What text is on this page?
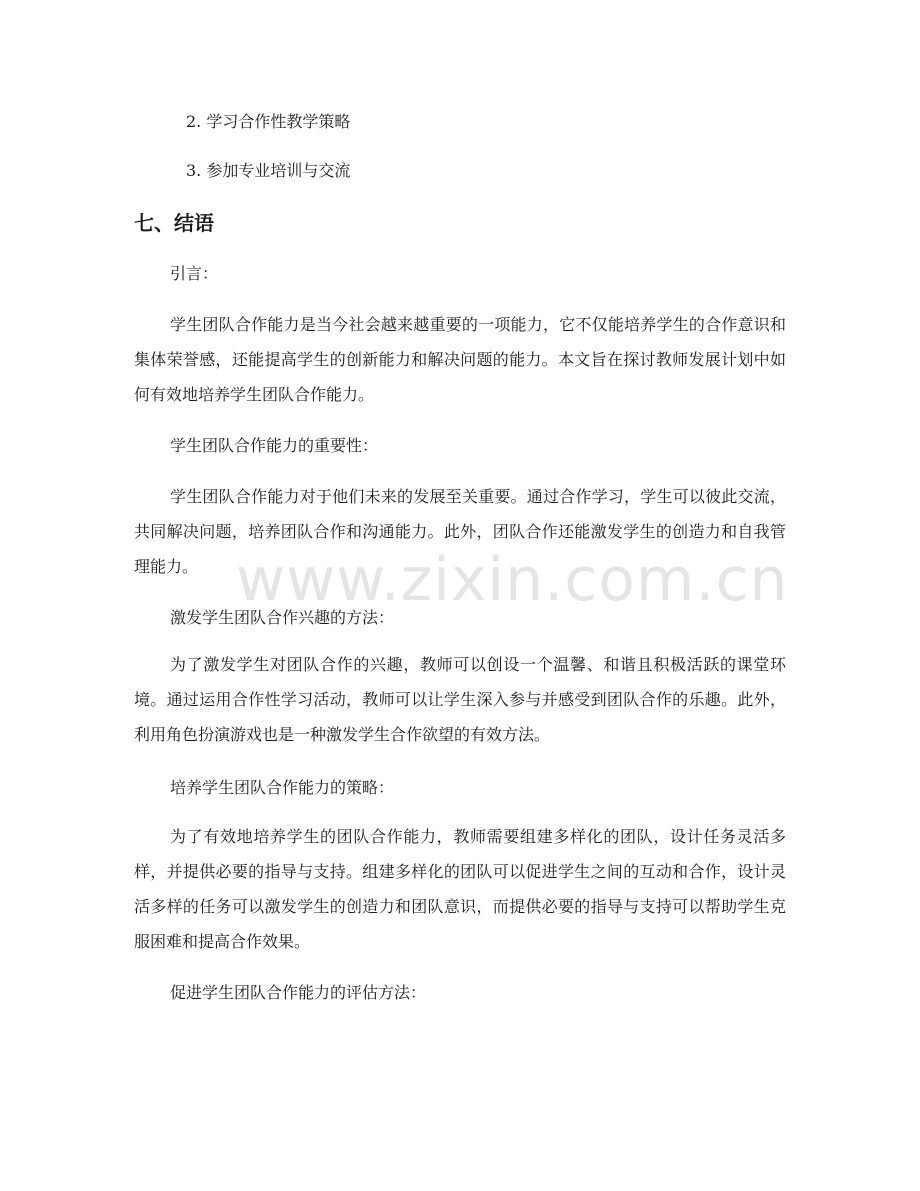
2. 学习合作性教学策略
3. 参加专业培训与交流
七、结语

引言：

学生团队合作能力是当今社会越来越重要的一项能力，它不仅能培养学生的合作意识和集体荣誉感，还能提高学生的创新能力和解决问题的能力。本文旨在探讨教师发展计划中如何有效地培养学生团队合作能力。

学生团队合作能力的重要性：

学生团队合作能力对于他们未来的发展至关重要。通过合作学习，学生可以彼此交流，共同解决问题，培养团队合作和沟通能力。此外，团队合作还能激发学生的创造力和自我管理能力。

激发学生团队合作兴趣的方法：

为了激发学生对团队合作的兴趣，教师可以创设一个温馨、和谐且积极活跃的课堂环境。通过运用合作性学习活动，教师可以让学生深入参与并感受到团队合作的乐趣。此外，利用角色扮演游戏也是一种激发学生合作欲望的有效方法。

培养学生团队合作能力的策略：

为了有效地培养学生的团队合作能力，教师需要组建多样化的团队，设计任务灵活多样，并提供必要的指导与支持。组建多样化的团队可以促进学生之间的互动和合作，设计灵活多样的任务可以激发学生的创造力和团队意识，而提供必要的指导与支持可以帮助学生克服困难和提高合作效果。

促进学生团队合作能力的评估方法：

www.zixin.com.cn
